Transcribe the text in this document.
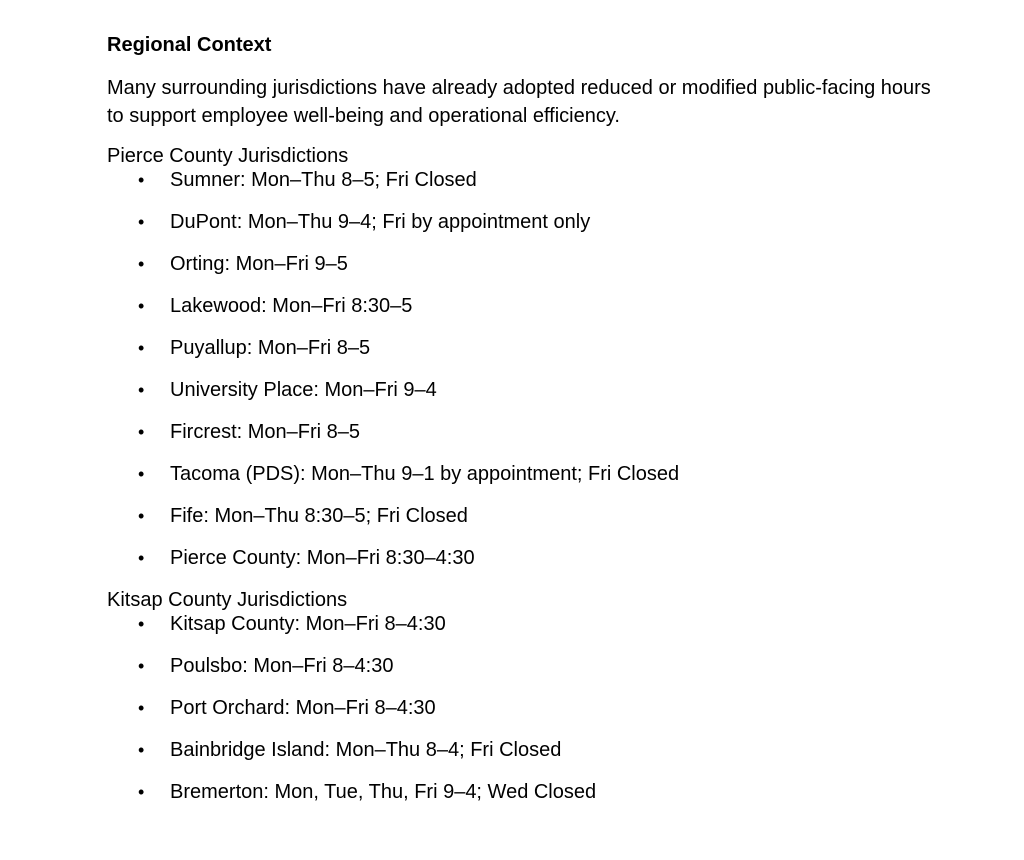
Regional Context

Many surrounding jurisdictions have already adopted reduced or modified public-facing hours to support employee well-being and operational efficiency.

Pierce County Jurisdictions
• Sumner: Mon–Thu 8–5; Fri Closed
• DuPont: Mon–Thu 9–4; Fri by appointment only
• Orting: Mon–Fri 9–5
• Lakewood: Mon–Fri 8:30–5
• Puyallup: Mon–Fri 8–5
• University Place: Mon–Fri 9–4
• Fircrest: Mon–Fri 8–5
• Tacoma (PDS): Mon–Thu 9–1 by appointment; Fri Closed
• Fife: Mon–Thu 8:30–5; Fri Closed
• Pierce County: Mon–Fri 8:30–4:30
Kitsap County Jurisdictions
• Kitsap County: Mon–Fri 8–4:30
• Poulsbo: Mon–Fri 8–4:30
• Port Orchard: Mon–Fri 8–4:30
• Bainbridge Island: Mon–Thu 8–4; Fri Closed
• Bremerton: Mon, Tue, Thu, Fri 9–4; Wed Closed
